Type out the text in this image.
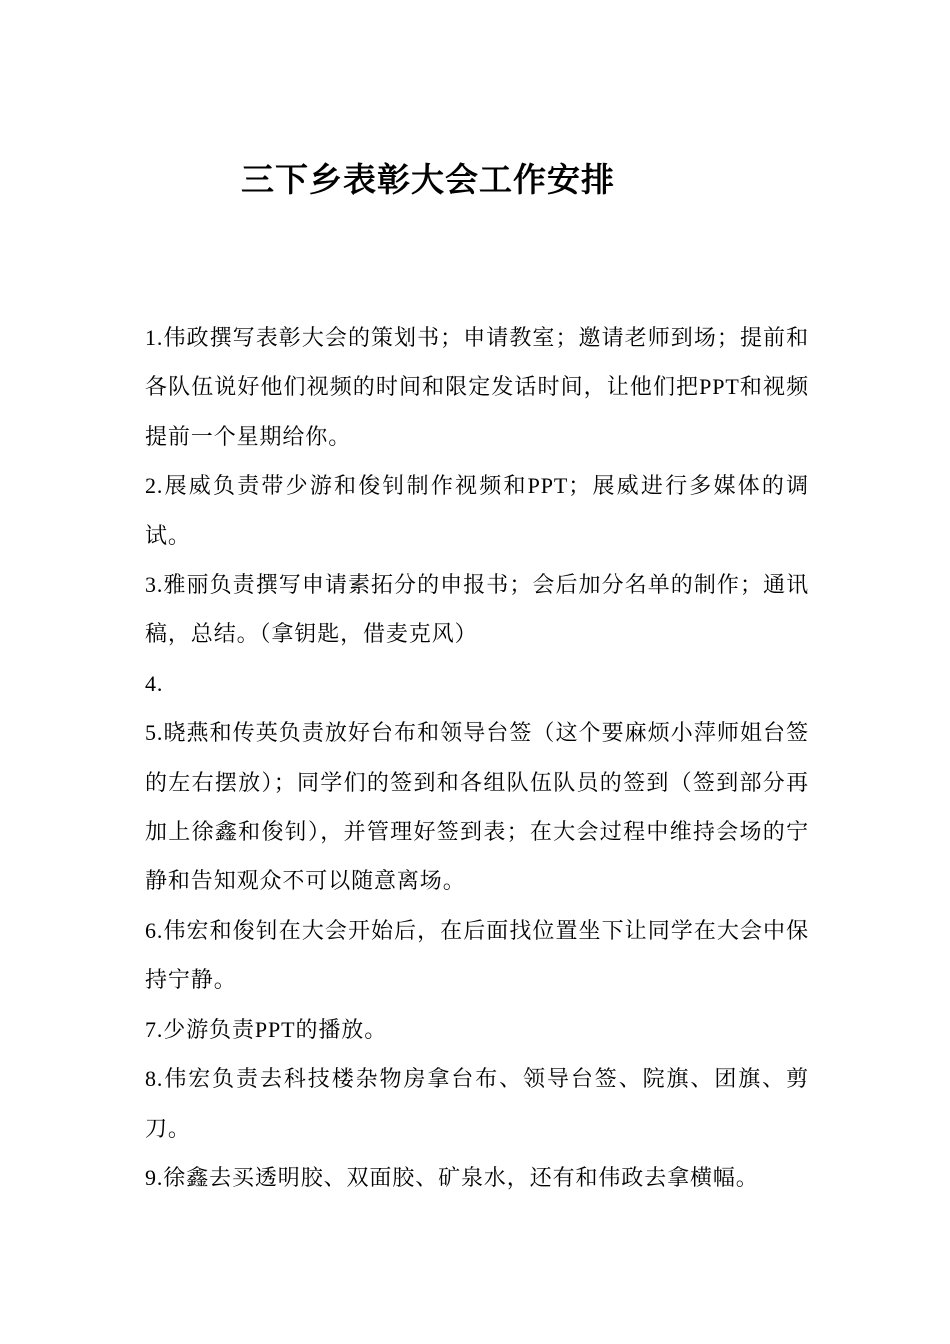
三下乡表彰大会工作安排
1.伟政撰写表彰大会的策划书；申请教室；邀请老师到场；提前和各队伍说好他们视频的时间和限定发话时间，让他们把PPT和视频提前一个星期给你。
2.展威负责带少游和俊钊制作视频和PPT；展威进行多媒体的调试。
3.雅丽负责撰写申请素拓分的申报书；会后加分名单的制作；通讯稿，总结。（拿钥匙，借麦克风）
4.
5.晓燕和传英负责放好台布和领导台签（这个要麻烦小萍师姐台签的左右摆放）；同学们的签到和各组队伍队员的签到（签到部分再加上徐鑫和俊钊），并管理好签到表；在大会过程中维持会场的宁静和告知观众不可以随意离场。
6.伟宏和俊钊在大会开始后，在后面找位置坐下让同学在大会中保持宁静。
7.少游负责PPT的播放。
8.伟宏负责去科技楼杂物房拿台布、领导台签、院旗、团旗、剪刀。
9.徐鑫去买透明胶、双面胶、矿泉水，还有和伟政去拿横幅。
